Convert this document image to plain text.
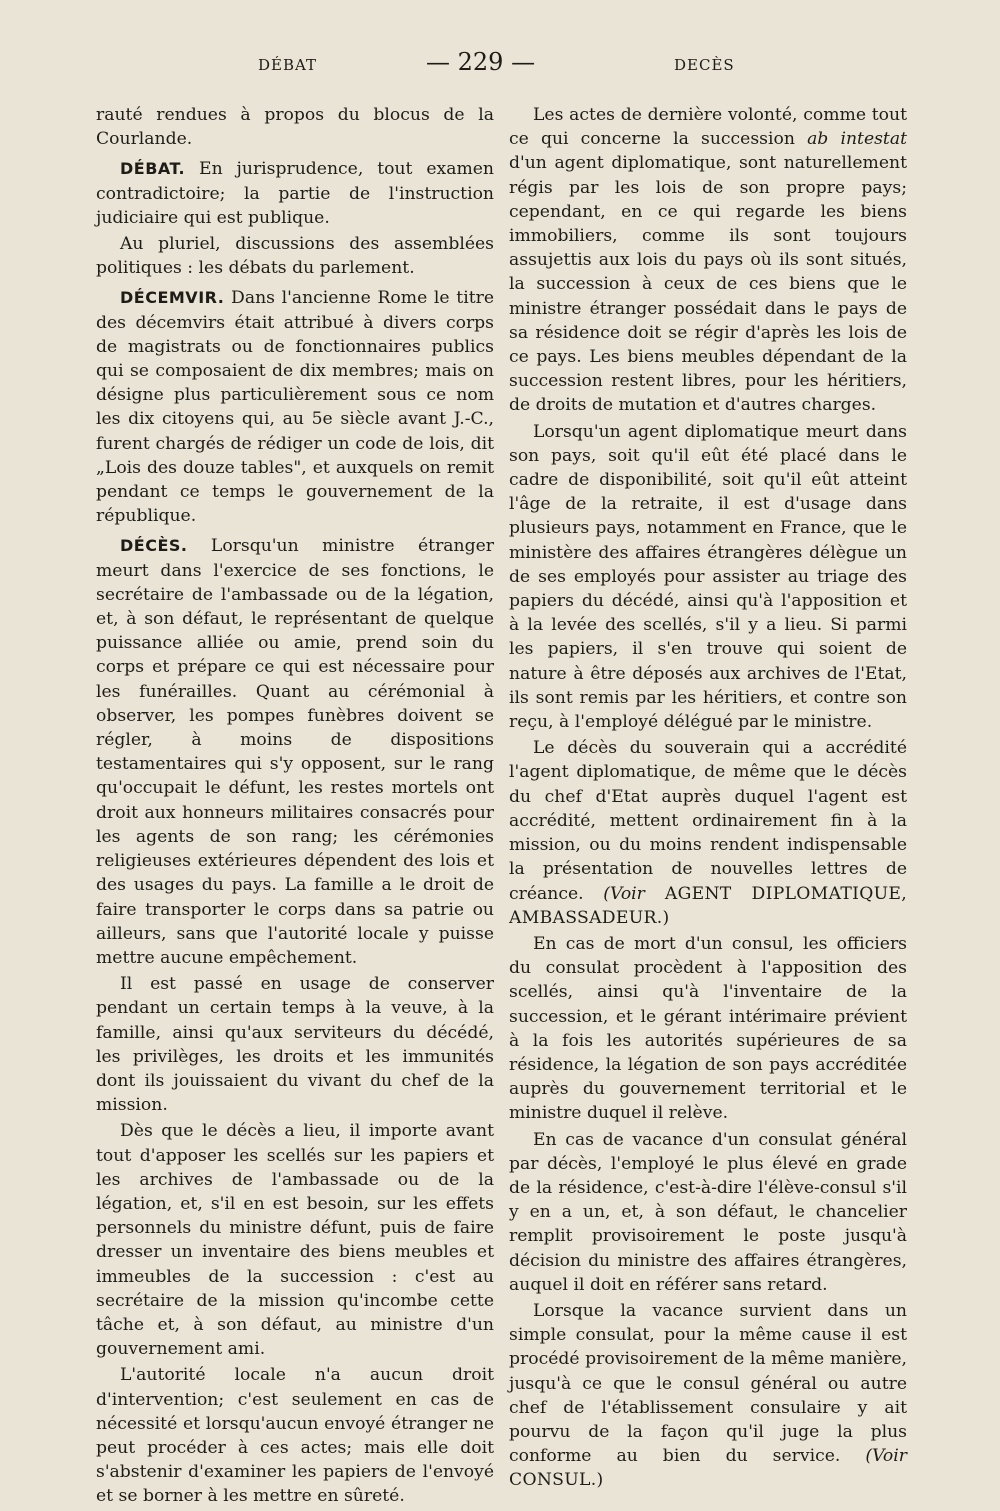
DÉBAT	— 229 —	DECÈS

rauté rendues à propos du blocus de la Courlande.

DÉBAT. En jurisprudence, tout examen contradictoire; la partie de l'instruction judiciaire qui est publique.

Au pluriel, discussions des assemblées politiques : les débats du parlement.

DÉCEMVIR. Dans l'ancienne Rome le titre des décemvirs était attribué à divers corps de magistrats ou de fonctionnaires publics qui se composaient de dix membres; mais on désigne plus particulièrement sous ce nom les dix citoyens qui, au 5e siècle avant J.-C., furent chargés de rédiger un code de lois, dit „Lois des douze tables", et auxquels on remit pendant ce temps le gouvernement de la république.

DÉCÈS. Lorsqu'un ministre étranger meurt dans l'exercice de ses fonctions, le secrétaire de l'ambassade ou de la légation, et, à son défaut, le représentant de quelque puissance alliée ou amie, prend soin du corps et prépare ce qui est nécessaire pour les funérailles. Quant au cérémonial à observer, les pompes funèbres doivent se régler, à moins de dispositions testamentaires qui s'y opposent, sur le rang qu'occupait le défunt, les restes mortels ont droit aux honneurs militaires consacrés pour les agents de son rang; les cérémonies religieuses extérieures dépendent des lois et des usages du pays. La famille a le droit de faire transporter le corps dans sa patrie ou ailleurs, sans que l'autorité locale y puisse mettre aucune empêchement.

Il est passé en usage de conserver pendant un certain temps à la veuve, à la famille, ainsi qu'aux serviteurs du décédé, les privilèges, les droits et les immunités dont ils jouissaient du vivant du chef de la mission.

Dès que le décès a lieu, il importe avant tout d'apposer les scellés sur les papiers et les archives de l'ambassade ou de la légation, et, s'il en est besoin, sur les effets personnels du ministre défunt, puis de faire dresser un inventaire des biens meubles et immeubles de la succession : c'est au secrétaire de la mission qu'incombe cette tâche et, à son défaut, au ministre d'un gouvernement ami.

L'autorité locale n'a aucun droit d'intervention; c'est seulement en cas de nécessité et lorsqu'aucun envoyé étranger ne peut procéder à ces actes; mais elle doit s'abstenir d'examiner les papiers de l'envoyé et se borner à les mettre en sûreté.

Les actes de dernière volonté, comme tout ce qui concerne la succession ab intestat d'un agent diplomatique, sont naturellement régis par les lois de son propre pays; cependant, en ce qui regarde les biens immobiliers, comme ils sont toujours assujettis aux lois du pays où ils sont situés, la succession à ceux de ces biens que le ministre étranger possédait dans le pays de sa résidence doit se régir d'après les lois de ce pays. Les biens meubles dépendant de la succession restent libres, pour les héritiers, de droits de mutation et d'autres charges.

Lorsqu'un agent diplomatique meurt dans son pays, soit qu'il eût été placé dans le cadre de disponibilité, soit qu'il eût atteint l'âge de la retraite, il est d'usage dans plusieurs pays, notamment en France, que le ministère des affaires étrangères délègue un de ses employés pour assister au triage des papiers du décédé, ainsi qu'à l'apposition et à la levée des scellés, s'il y a lieu. Si parmi les papiers, il s'en trouve qui soient de nature à être déposés aux archives de l'Etat, ils sont remis par les héritiers, et contre son reçu, à l'employé délégué par le ministre.

Le décès du souverain qui a accrédité l'agent diplomatique, de même que le décès du chef d'Etat auprès duquel l'agent est accrédité, mettent ordinairement fin à la mission, ou du moins rendent indispensable la présentation de nouvelles lettres de créance. (Voir AGENT DIPLOMATIQUE, AMBASSADEUR.)

En cas de mort d'un consul, les officiers du consulat procèdent à l'apposition des scellés, ainsi qu'à l'inventaire de la succession, et le gérant intérimaire prévient à la fois les autorités supérieures de sa résidence, la légation de son pays accréditée auprès du gouvernement territorial et le ministre duquel il relève.

En cas de vacance d'un consulat général par décès, l'employé le plus élevé en grade de la résidence, c'est-à-dire l'élève-consul s'il y en a un, et, à son défaut, le chancelier remplit provisoirement le poste jusqu'à décision du ministre des affaires étrangères, auquel il doit en référer sans retard.

Lorsque la vacance survient dans un simple consulat, pour la même cause il est procédé provisoirement de la même manière, jusqu'à ce que le consul général ou autre chef de l'établissement consulaire y ait pourvu de la façon qu'il juge la plus conforme au bien du service. (Voir CONSUL.)
